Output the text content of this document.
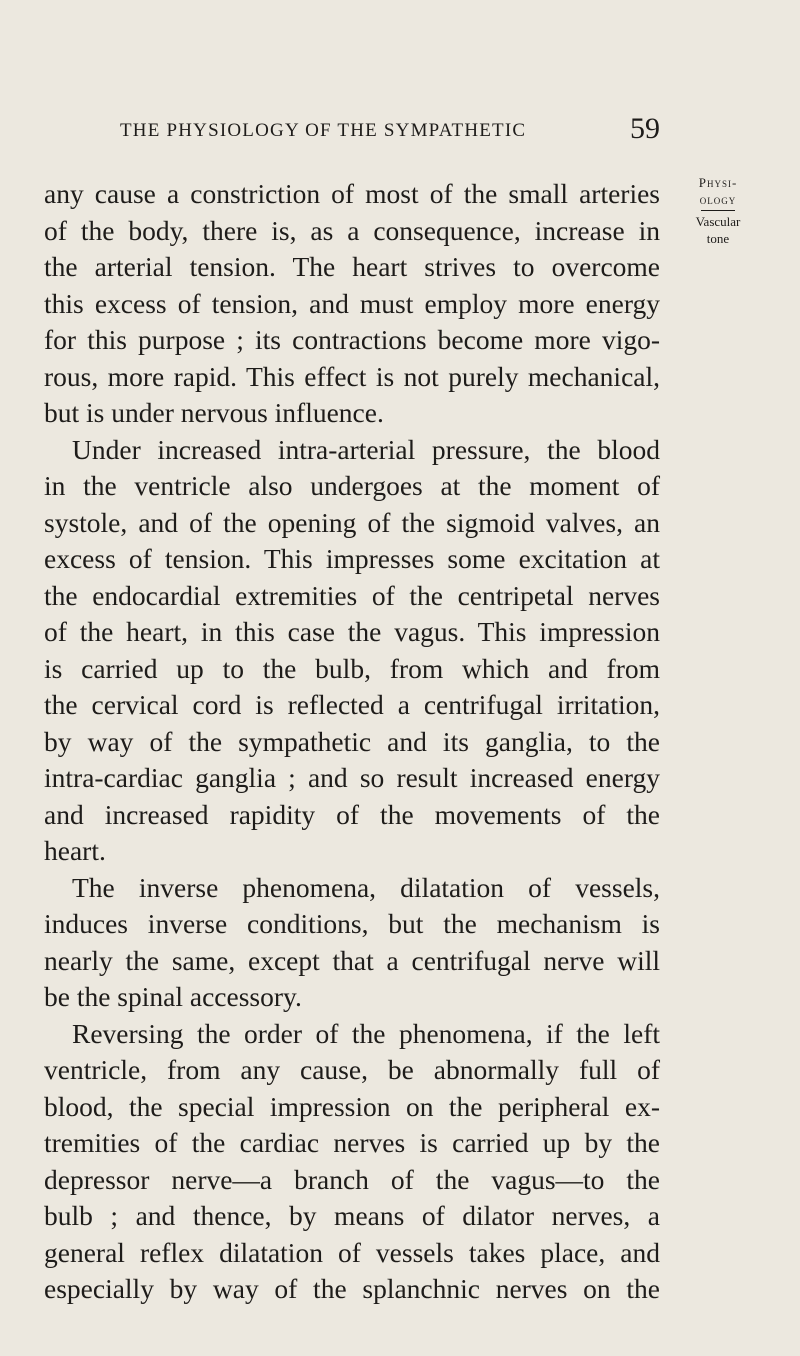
THE PHYSIOLOGY OF THE SYMPATHETIC	59
Physi-
ology
Vascular
tone
any cause a constriction of most of the small arteries
of the body, there is, as a consequence, increase in
the arterial tension. The heart strives to overcome
this excess of tension, and must employ more energy
for this purpose ; its contractions become more vigo-
rous, more rapid. This effect is not purely mechanical,
but is under nervous influence.
Under increased intra-arterial pressure, the blood
in the ventricle also undergoes at the moment of
systole, and of the opening of the sigmoid valves, an
excess of tension. This impresses some excitation at
the endocardial extremities of the centripetal nerves
of the heart, in this case the vagus. This impression
is carried up to the bulb, from which and from
the cervical cord is reflected a centrifugal irritation,
by way of the sympathetic and its ganglia, to the
intra-cardiac ganglia ; and so result increased energy
and increased rapidity of the movements of the
heart.
The inverse phenomena, dilatation of vessels,
induces inverse conditions, but the mechanism is
nearly the same, except that a centrifugal nerve will
be the spinal accessory.
Reversing the order of the phenomena, if the left
ventricle, from any cause, be abnormally full of
blood, the special impression on the peripheral ex-
tremities of the cardiac nerves is carried up by the
depressor nerve—a branch of the vagus—to the
bulb ; and thence, by means of dilator nerves, a
general reflex dilatation of vessels takes place, and
especially by way of the splanchnic nerves on the
